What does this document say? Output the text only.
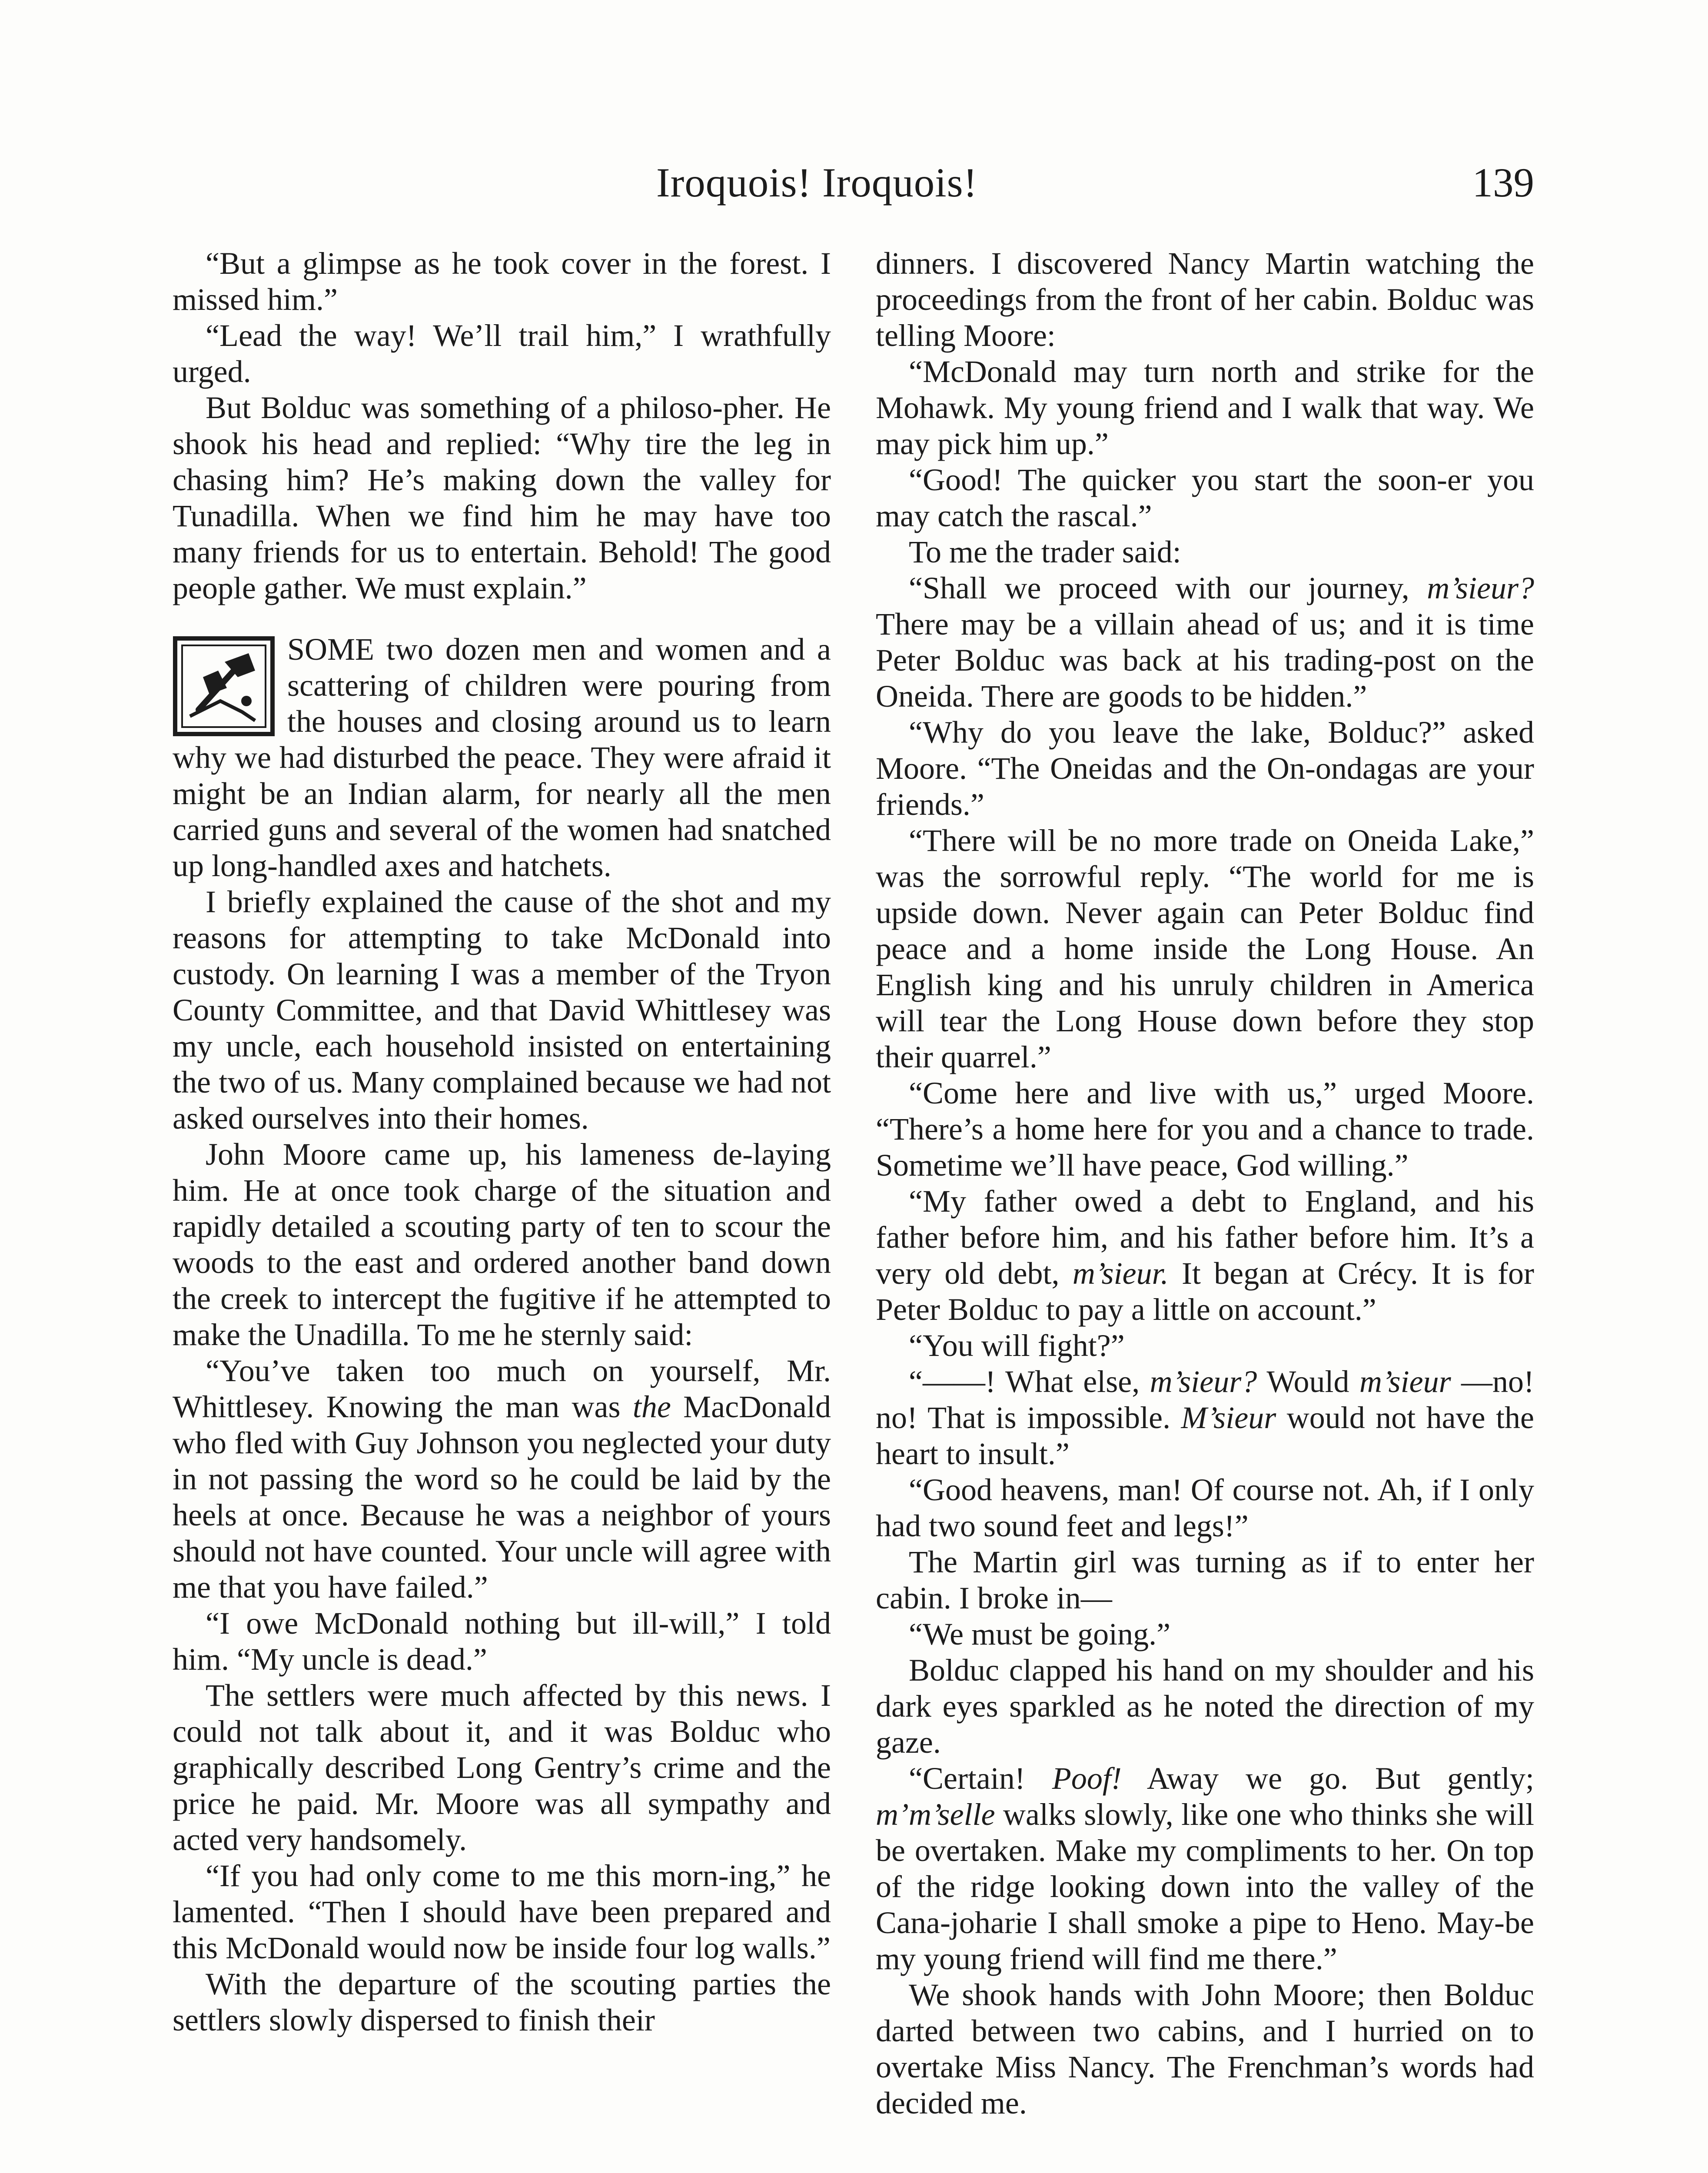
Iroquois! Iroquois!	139

“But a glimpse as he took cover in the forest. I missed him.”

“Lead the way! We’ll trail him,” I wrathfully urged.

But Bolduc was something of a philoso-pher. He shook his head and replied: “Why tire the leg in chasing him? He’s making down the valley for Tunadilla. When we find him he may have too many friends for us to entertain. Behold! The good people gather. We must explain.”

SOME two dozen men and women and a scattering of children were pouring from the houses and closing around us to learn why we had disturbed the peace. They were afraid it might be an Indian alarm, for nearly all the men carried guns and several of the women had snatched up long-handled axes and hatchets.

I briefly explained the cause of the shot and my reasons for attempting to take McDonald into custody. On learning I was a member of the Tryon County Committee, and that David Whittlesey was my uncle, each household insisted on entertaining the two of us. Many complained because we had not asked ourselves into their homes.

John Moore came up, his lameness de-laying him. He at once took charge of the situation and rapidly detailed a scouting party of ten to scour the woods to the east and ordered another band down the creek to intercept the fugitive if he attempted to make the Unadilla. To me he sternly said:

“You’ve taken too much on yourself, Mr. Whittlesey. Knowing the man was the MacDonald who fled with Guy Johnson you neglected your duty in not passing the word so he could be laid by the heels at once. Because he was a neighbor of yours should not have counted. Your uncle will agree with me that you have failed.”

“I owe McDonald nothing but ill-will,” I told him. “My uncle is dead.”

The settlers were much affected by this news. I could not talk about it, and it was Bolduc who graphically described Long Gentry’s crime and the price he paid. Mr. Moore was all sympathy and acted very handsomely.

“If you had only come to me this morn-ing,” he lamented. “Then I should have been prepared and this McDonald would now be inside four log walls.”

With the departure of the scouting parties the settlers slowly dispersed to finish their

dinners. I discovered Nancy Martin watching the proceedings from the front of her cabin. Bolduc was telling Moore:

“McDonald may turn north and strike for the Mohawk. My young friend and I walk that way. We may pick him up.”

“Good! The quicker you start the soon-er you may catch the rascal.”

To me the trader said:

“Shall we proceed with our journey, m’sieur? There may be a villain ahead of us; and it is time Peter Bolduc was back at his trading-post on the Oneida. There are goods to be hidden.”

“Why do you leave the lake, Bolduc?” asked Moore. “The Oneidas and the On-ondagas are your friends.”

“There will be no more trade on Oneida Lake,” was the sorrowful reply. “The world for me is upside down. Never again can Peter Bolduc find peace and a home inside the Long House. An English king and his unruly children in America will tear the Long House down before they stop their quarrel.”

“Come here and live with us,” urged Moore. “There’s a home here for you and a chance to trade. Sometime we’ll have peace, God willing.”

“My father owed a debt to England, and his father before him, and his father before him. It’s a very old debt, m’sieur. It began at Crécy. It is for Peter Bolduc to pay a little on account.”

“You will fight?”

“——! What else, m’sieur? Would m’sieur —no! no! That is impossible. M’sieur would not have the heart to insult.”

“Good heavens, man! Of course not. Ah, if I only had two sound feet and legs!”

The Martin girl was turning as if to enter her cabin. I broke in—

“We must be going.”

Bolduc clapped his hand on my shoulder and his dark eyes sparkled as he noted the direction of my gaze.

“Certain! Poof! Away we go. But gently; m’m’selle walks slowly, like one who thinks she will be overtaken. Make my compliments to her. On top of the ridge looking down into the valley of the Cana-joharie I shall smoke a pipe to Heno. May-be my young friend will find me there.”

We shook hands with John Moore; then Bolduc darted between two cabins, and I hurried on to overtake Miss Nancy. The Frenchman’s words had decided me.
